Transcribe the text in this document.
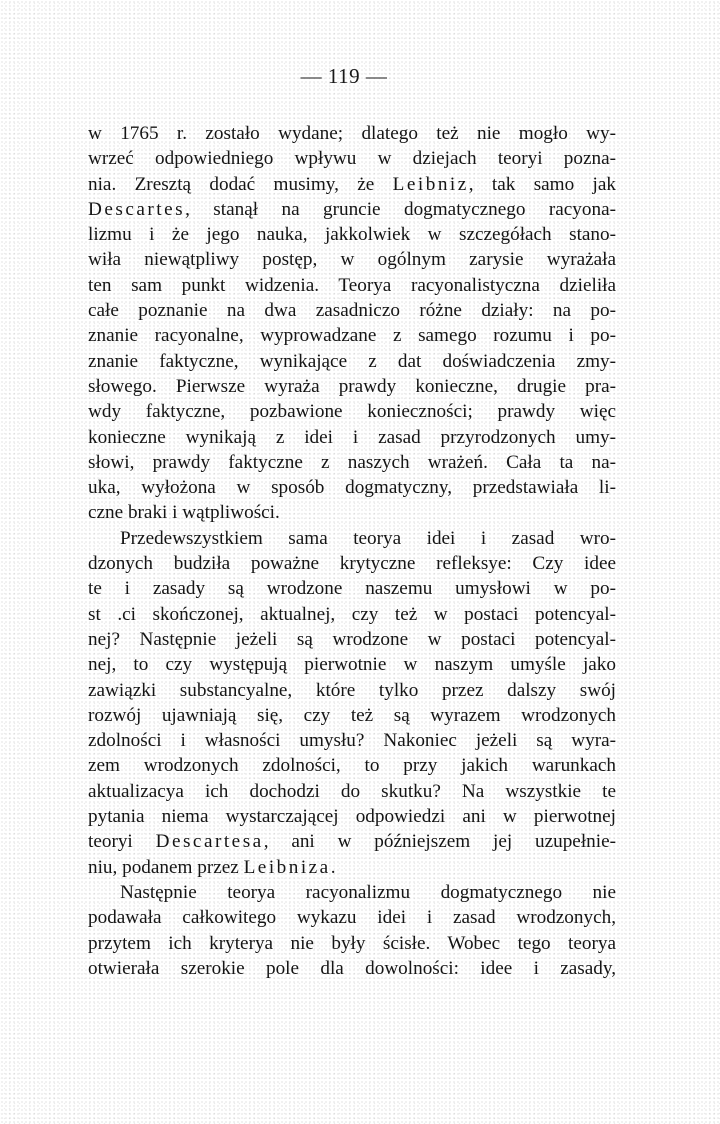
— 119 —
w 1765 r. zostało wydane; dlatego też nie mogło wy-
wrzeć odpowiedniego wpływu w dziejach teoryi pozna-
nia. Zresztą dodać musimy, że Leibniz, tak samo jak
Descartes, stanął na gruncie dogmatycznego racyona-
lizmu i że jego nauka, jakkolwiek w szczegółach stano-
wiła niewątpliwy postęp, w ogólnym zarysie wyrażała
ten sam punkt widzenia. Teorya racyonalistyczna dzieliła
całe poznanie na dwa zasadniczo różne działy: na po-
znanie racyonalne, wyprowadzane z samego rozumu i po-
znanie faktyczne, wynikające z dat doświadczenia zmy-
słowego. Pierwsze wyraża prawdy konieczne, drugie pra-
wdy faktyczne, pozbawione konieczności; prawdy więc
konieczne wynikają z idei i zasad przyrodzonych umy-
słowi, prawdy faktyczne z naszych wrażeń. Cała ta na-
uka, wyłożona w sposób dogmatyczny, przedstawiała li-
czne braki i wątpliwości.
Przedewszystkiem sama teorya idei i zasad wro-
dzonych budziła poważne krytyczne refleksye: Czy idee
te i zasady są wrodzone naszemu umysłowi w po-
st .ci skończonej, aktualnej, czy też w postaci potencyal-
nej? Następnie jeżeli są wrodzone w postaci potencyal-
nej, to czy występują pierwotnie w naszym umyśle jako
zawiązki substancyalne, które tylko przez dalszy swój
rozwój ujawniają się, czy też są wyrazem wrodzonych
zdolności i własności umysłu? Nakoniec jeżeli są wyra-
zem wrodzonych zdolności, to przy jakich warunkach
aktualizacya ich dochodzi do skutku? Na wszystkie te
pytania niema wystarczającej odpowiedzi ani w pierwotnej
teoryi Descartesa, ani w późniejszem jej uzupełnie-
niu, podanem przez Leibniza.
Następnie teorya racyonalizmu dogmatycznego nie
podawała całkowitego wykazu idei i zasad wrodzonych,
przytem ich kryterya nie były ścisłe. Wobec tego teorya
otwierała szerokie pole dla dowolności: idee i zasady,
